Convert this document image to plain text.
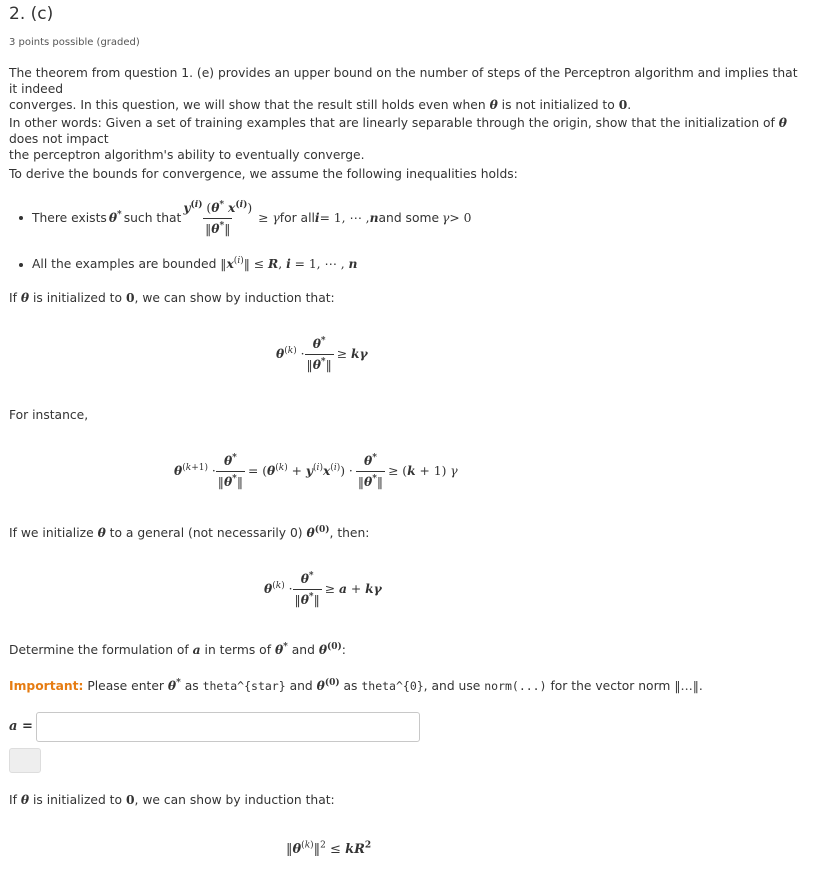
2. (c)
3 points possible (graded)
The theorem from question 1. (e) provides an upper bound on the number of steps of the Perceptron algorithm and implies that it indeed
converges. In this question, we will show that the result still holds even when θ is not initialized to 0.
In other words: Given a set of training examples that are linearly separable through the origin, show that the initialization of θ does not impact
the perceptron algorithm's ability to eventually converge.
To derive the bounds for convergence, we assume the following inequalities holds:
There exists θ* such that $\frac{y^{(i)} (\theta^* x^{(i)})}{‖\theta^*‖} \ge \gamma$ for all i = 1, ⋯ , n and some γ > 0
All the examples are bounded $‖x^{(i)}‖ \le R$, i = 1, ⋯ , n
If θ is initialized to 0, we can show by induction that:
$\theta^{(k)} \cdot \frac{\theta^*}{‖\theta^*‖} \ge k\gamma$
For instance,
$\theta^{(k+1)} \cdot \frac{\theta^*}{‖\theta^*‖} = (\theta^{(k)} + y^{(i)}x^{(i)}) \cdot \frac{\theta^*}{‖\theta^*‖} \ge (k + 1)$ γ
If we initialize θ to a general (not necessarily 0) $\theta^{(0)}$, then:
$\theta^{(k)} \cdot \frac{\theta^*}{‖\theta^*‖} \ge a + k\gamma$
Determine the formulation of a in terms of θ* and $\theta^{(0)}$:
Important: Please enter θ* as theta^{star} and $\theta^{(0)}$ as theta^{0}, and use norm(...) for the vector norm ‖…‖.
a =
If θ is initialized to 0, we can show by induction that:
$‖\theta^{(k)}‖^2 \le kR^2$
